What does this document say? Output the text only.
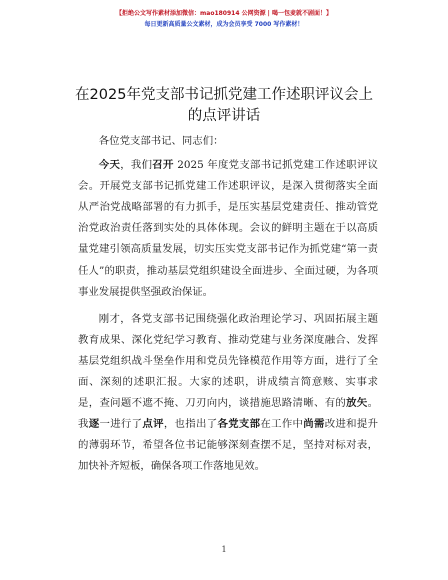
【拒绝公文写作素材添加微信：mao180914 公网资源 | 喝一包麦就不剧面！】
每日更新高质量公文素材，成为会员享受 7000 写作素材！
在2025年党支部书记抓党建工作述职评议会上
的点评讲话

各位党支部书记、同志们：

今天，我们召开 2025 年度党支部书记抓党建工作述职评议会。开展党支部书记抓党建工作述职评议，是深入贯彻落实全面从严治党战略部署的有力抓手，是压实基层党建责任、推动管党治党政治责任落到实处的具体体现。会议的鲜明主题在于以高质量党建引领高质量发展，切实压实党支部书记作为抓党建“第一责任人”的职责，推动基层党组织建设全面进步、全面过硬，为各项事业发展提供坚强政治保证。

刚才，各党支部书记围绕强化政治理论学习、巩固拓展主题教育成果、深化党纪学习教育、推动党建与业务深度融合、发挥基层党组织战斗堡垒作用和党员先锋模范作用等方面，进行了全面、深刻的述职汇报。大家的述职，讲成绩言简意赅、实事求是，查问题不遮不掩、刀刃向内，谈措施思路清晰、有的放矢。我逐一进行了点评，也指出了各党支部在工作中尚需改进和提升的薄弱环节，希望各位书记能够深刻查摆不足，坚持对标对表，加快补齐短板，确保各项工作落地见效。

1
